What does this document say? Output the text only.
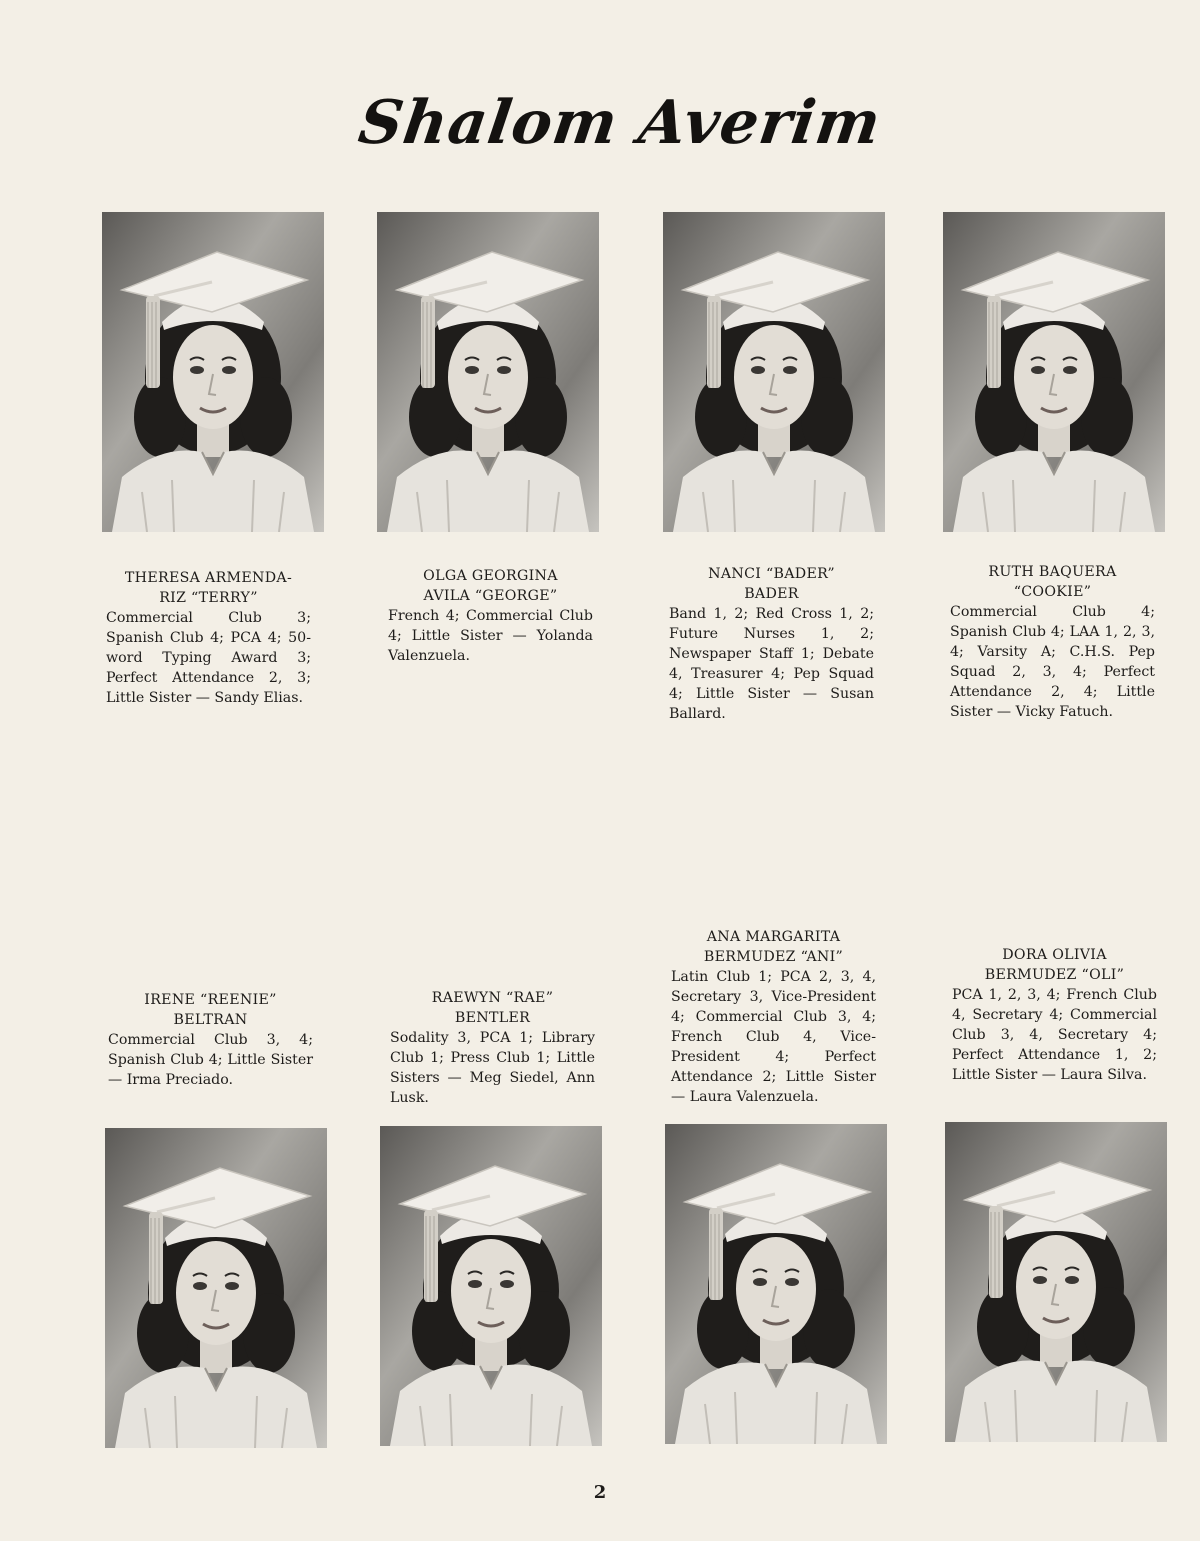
Shalom Averim
THERESA ARMENDA-
RIZ “TERRY”
Commercial Club 3; Spanish Club 4; PCA 4; 50-word Typing Award 3; Perfect Attendance 2, 3; Little Sister — Sandy Elias.
OLGA GEORGINA
AVILA “GEORGE”
French 4; Commercial Club 4; Little Sister — Yolanda Valenzuela.
NANCI “BADER”
BADER
Band 1, 2; Red Cross 1, 2; Future Nurses 1, 2; Newspaper Staff 1; Debate 4, Treasurer 4; Pep Squad 4; Little Sister — Susan Ballard.
RUTH BAQUERA
“COOKIE”
Commercial Club 4; Spanish Club 4; LAA 1, 2, 3, 4; Varsity A; C.H.S. Pep Squad 2, 3, 4; Perfect Attendance 2, 4; Little Sister — Vicky Fatuch.
IRENE “REENIE”
BELTRAN
Commercial Club 3, 4; Spanish Club 4; Little Sister — Irma Preciado.
RAEWYN “RAE”
BENTLER
Sodality 3, PCA 1; Library Club 1; Press Club 1; Little Sisters — Meg Siedel, Ann Lusk.
ANA MARGARITA
BERMUDEZ “ANI”
Latin Club 1; PCA 2, 3, 4, Secretary 3, Vice-President 4; Commercial Club 3, 4; French Club 4, Vice-President 4; Perfect Attendance 2; Little Sister — Laura Valenzuela.
DORA OLIVIA
BERMUDEZ “OLI”
PCA 1, 2, 3, 4; French Club 4, Secretary 4; Commercial Club 3, 4, Secretary 4; Perfect Attendance 1, 2; Little Sister — Laura Silva.
2
